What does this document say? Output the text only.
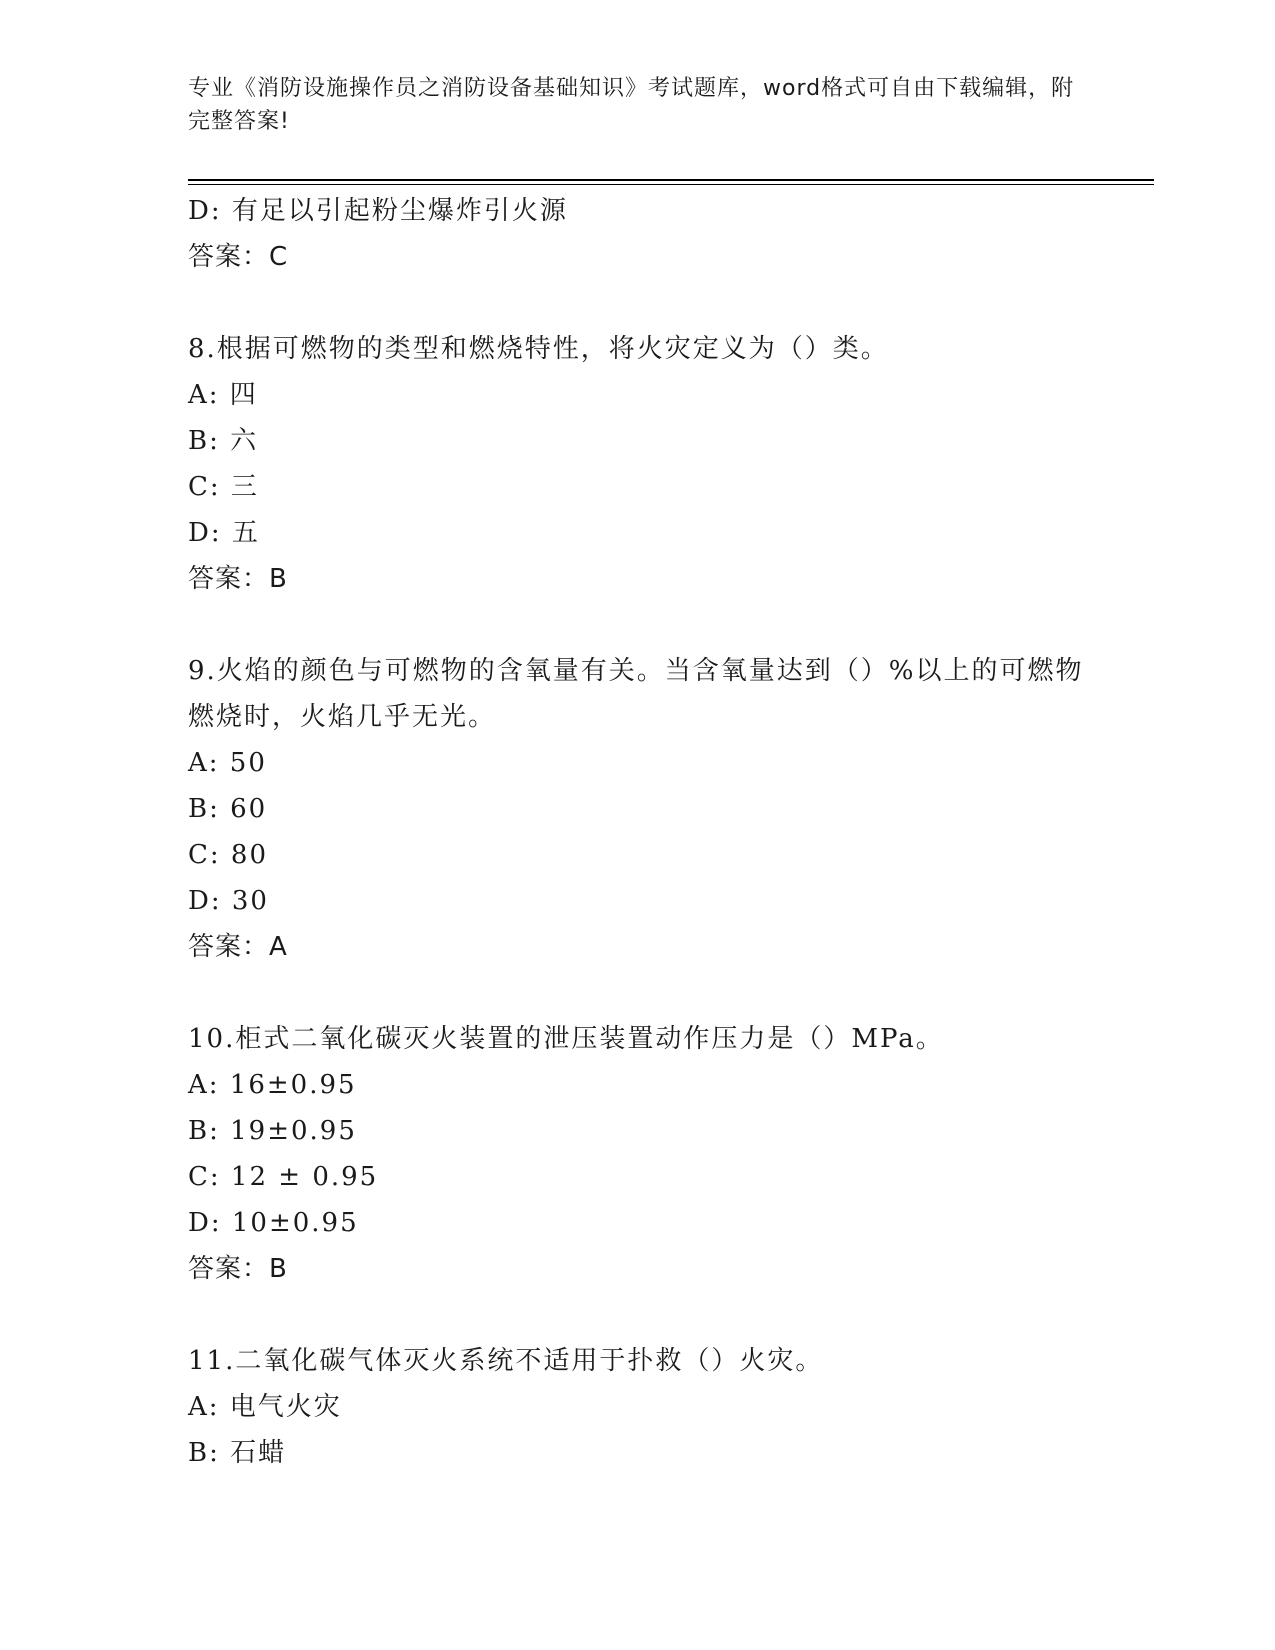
专业《消防设施操作员之消防设备基础知识》考试题库，word格式可自由下载编辑，附完整答案!
D: 有足以引起粉尘爆炸引火源
答案：C
8.根据可燃物的类型和燃烧特性，将火灾定义为（）类。
A: 四
B: 六
C: 三
D: 五
答案：B
9.火焰的颜色与可燃物的含氧量有关。当含氧量达到（）%以上的可燃物燃烧时，火焰几乎无光。
A: 50
B: 60
C: 80
D: 30
答案：A
10.柜式二氧化碳灭火装置的泄压装置动作压力是（）MPa。
A: 16±0.95
B: 19±0.95
C: 12 ± 0.95
D: 10±0.95
答案：B
11.二氧化碳气体灭火系统不适用于扑救（）火灾。
A: 电气火灾
B: 石蜡
